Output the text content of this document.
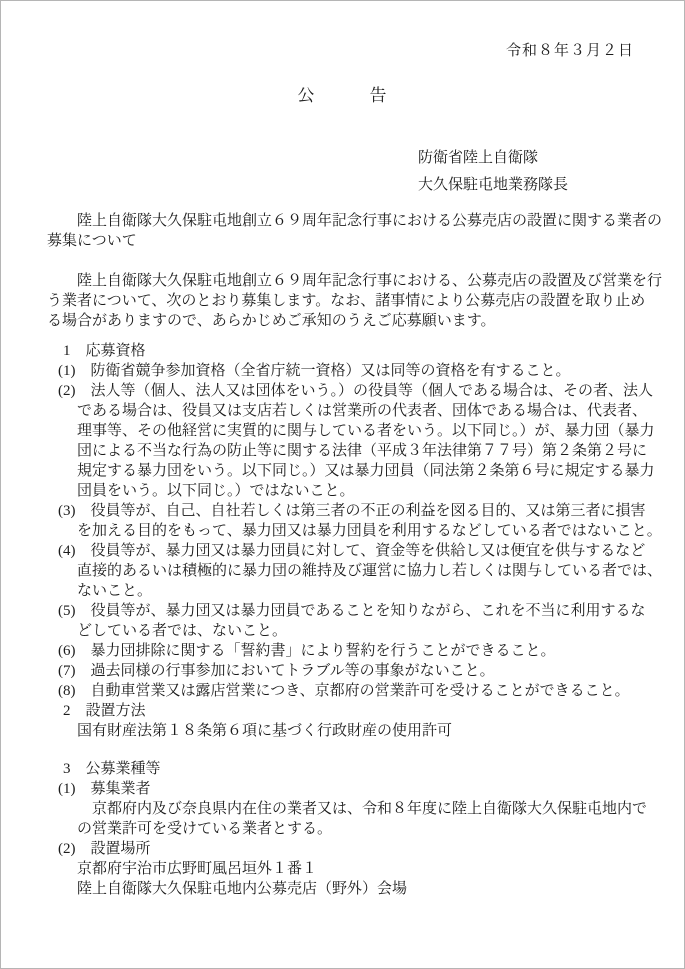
令和８年３月２日
公　　　告
防衛省陸上自衛隊
大久保駐屯地業務隊長
　　陸上自衛隊大久保駐屯地創立６９周年記念行事における公募売店の設置に関する業者の
募集について
　　陸上自衛隊大久保駐屯地創立６９周年記念行事における、公募売店の設置及び営業を行
う業者について、次のとおり募集します。なお、諸事情により公募売店の設置を取り止め
る場合がありますので、あらかじめご承知のうえご応募願います。
1 応募資格
(1)　防衛省競争参加資格（全省庁統一資格）又は同等の資格を有すること。
(2)　法人等（個人、法人又は団体をいう。）の役員等（個人である場合は、その者、法人
である場合は、役員又は支店若しくは営業所の代表者、団体である場合は、代表者、
理事等、その他経営に実質的に関与している者をいう。以下同じ。）が、暴力団（暴力
団による不当な行為の防止等に関する法律（平成３年法律第７７号）第２条第２号に
規定する暴力団をいう。以下同じ。）又は暴力団員（同法第２条第６号に規定する暴力
団員をいう。以下同じ。）ではないこと。
(3)　役員等が、自己、自社若しくは第三者の不正の利益を図る目的、又は第三者に損害
を加える目的をもって、暴力団又は暴力団員を利用するなどしている者ではないこと。
(4)　役員等が、暴力団又は暴力団員に対して、資金等を供給し又は便宜を供与するなど
直接的あるいは積極的に暴力団の維持及び運営に協力し若しくは関与している者では、
ないこと。
(5)　役員等が、暴力団又は暴力団員であることを知りながら、これを不当に利用するな
どしている者では、ないこと。
(6)　暴力団排除に関する「誓約書」により誓約を行うことができること。
(7)　過去同様の行事参加においてトラブル等の事象がないこと。
(8)　自動車営業又は露店営業につき、京都府の営業許可を受けることができること。
2 設置方法
国有財産法第１８条第６項に基づく行政財産の使用許可
3 公募業種等
(1)　募集業者
　京都府内及び奈良県内在住の業者又は、令和８年度に陸上自衛隊大久保駐屯地内で
の営業許可を受けている業者とする。
(2)　設置場所
京都府宇治市広野町風呂垣外１番１
陸上自衛隊大久保駐屯地内公募売店（野外）会場
